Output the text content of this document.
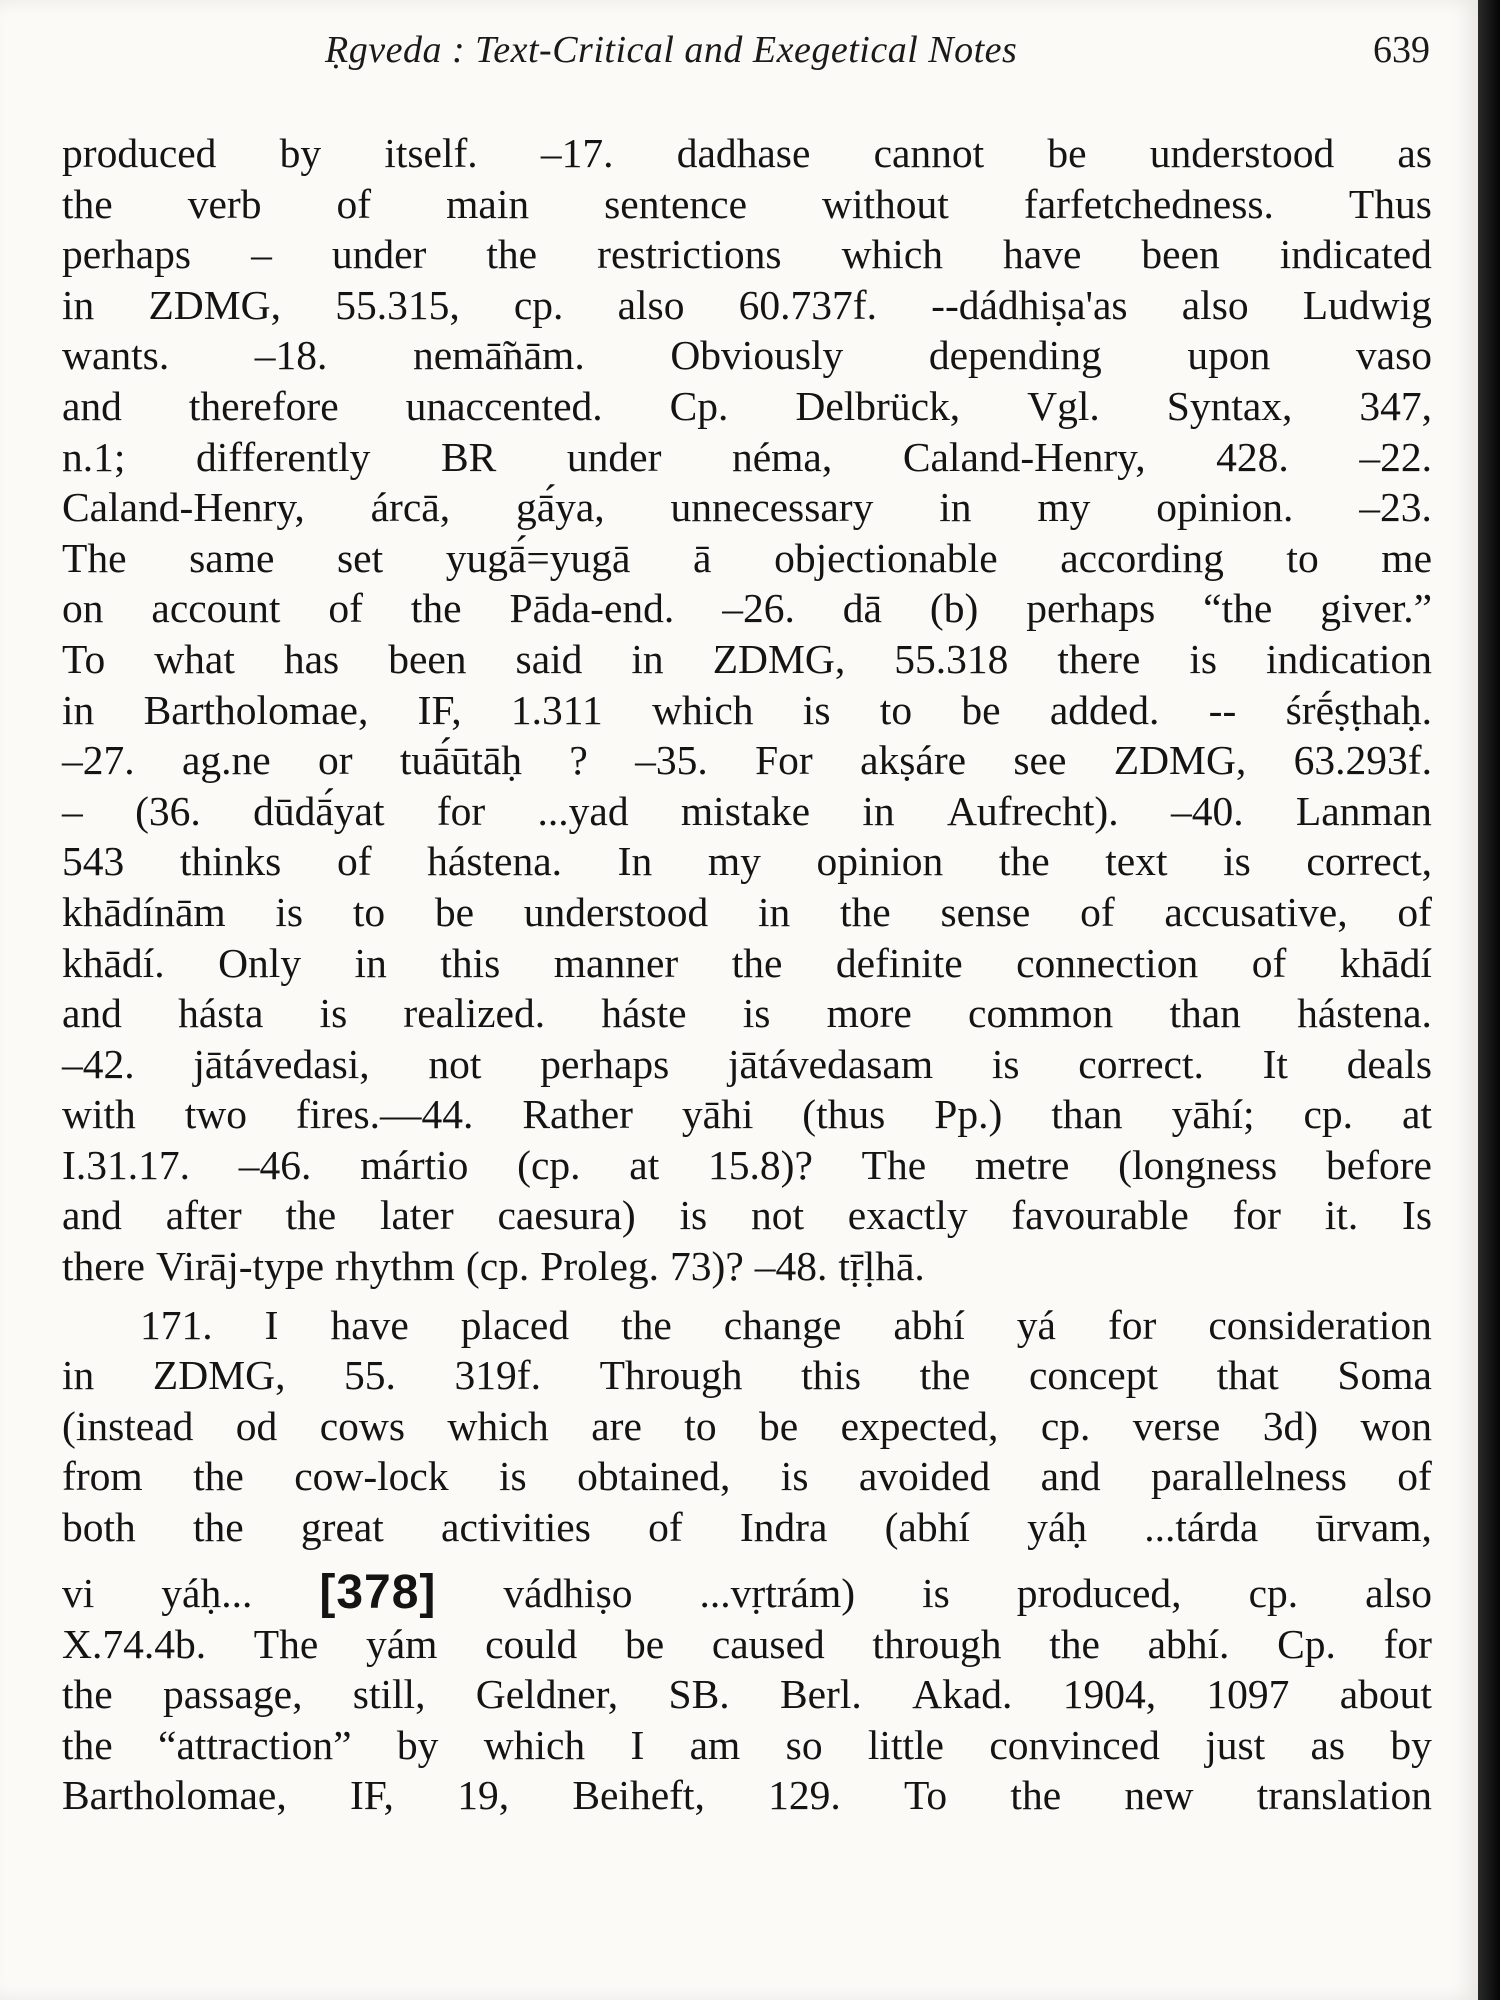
Ṛgveda : Text-Critical and Exegetical Notes	639
produced by itself. –17. dadhase cannot be understood as
the verb of main sentence without farfetchedness. Thus
perhaps – under the restrictions which have been indicated
in ZDMG, 55.315, cp. also 60.737f. --dádhiṣa'as also Ludwig
wants. –18. nemā̃nām. Obviously depending upon vaso
and therefore unaccented. Cp. Delbrück, Vgl. Syntax, 347,
n.1; differently BR under néma, Caland-Henry, 428. –22.
Caland-Henry, árcā, gā́ya, unnecessary in my opinion. –23.
The same set yugā́=yugā ā objectionable according to me
on account of the Pāda-end. –26. dā (b) perhaps “the giver.”
To what has been said in ZDMG, 55.318 there is indication
in Bartholomae, IF, 1.311 which is to be added. -- śrḗṣṭhaḥ.
–27. ag.ne or tuā́ūtāḥ ? –35. For akṣáre see ZDMG, 63.293f.
– (36. dūdā́yat for ...yad mistake in Aufrecht). –40. Lanman
543 thinks of hástena. In my opinion the text is correct,
khādínām is to be understood in the sense of accusative, of
khādí. Only in this manner the definite connection of khādí
and hásta is realized. háste is more common than hástena.
–42. jātávedasi, not perhaps jātávedasam is correct. It deals
with two fires.—44. Rather yāhi (thus Pp.) than yāhí; cp. at
I.31.17. –46. mártio (cp. at 15.8)? The metre (longness before
and after the later caesura) is not exactly favourable for it. Is
there Virāj-type rhythm (cp. Proleg. 73)? –48. tṝḷhā.
171. I have placed the change abhí yá for consideration
in ZDMG, 55. 319f. Through this the concept that Soma
(instead od cows which are to be expected, cp. verse 3d) won
from the cow-lock is obtained, is avoided and parallelness of
both the great activities of Indra (abhí yáḥ ...tárda ūrvam,
vi yáḥ... [378] vádhiṣo ...vṛtrám) is produced, cp. also
X.74.4b. The yám could be caused through the abhí. Cp. for
the passage, still, Geldner, SB. Berl. Akad. 1904, 1097 about
the “attraction” by which I am so little convinced just as by
Bartholomae, IF, 19, Beiheft, 129. To the new translation
